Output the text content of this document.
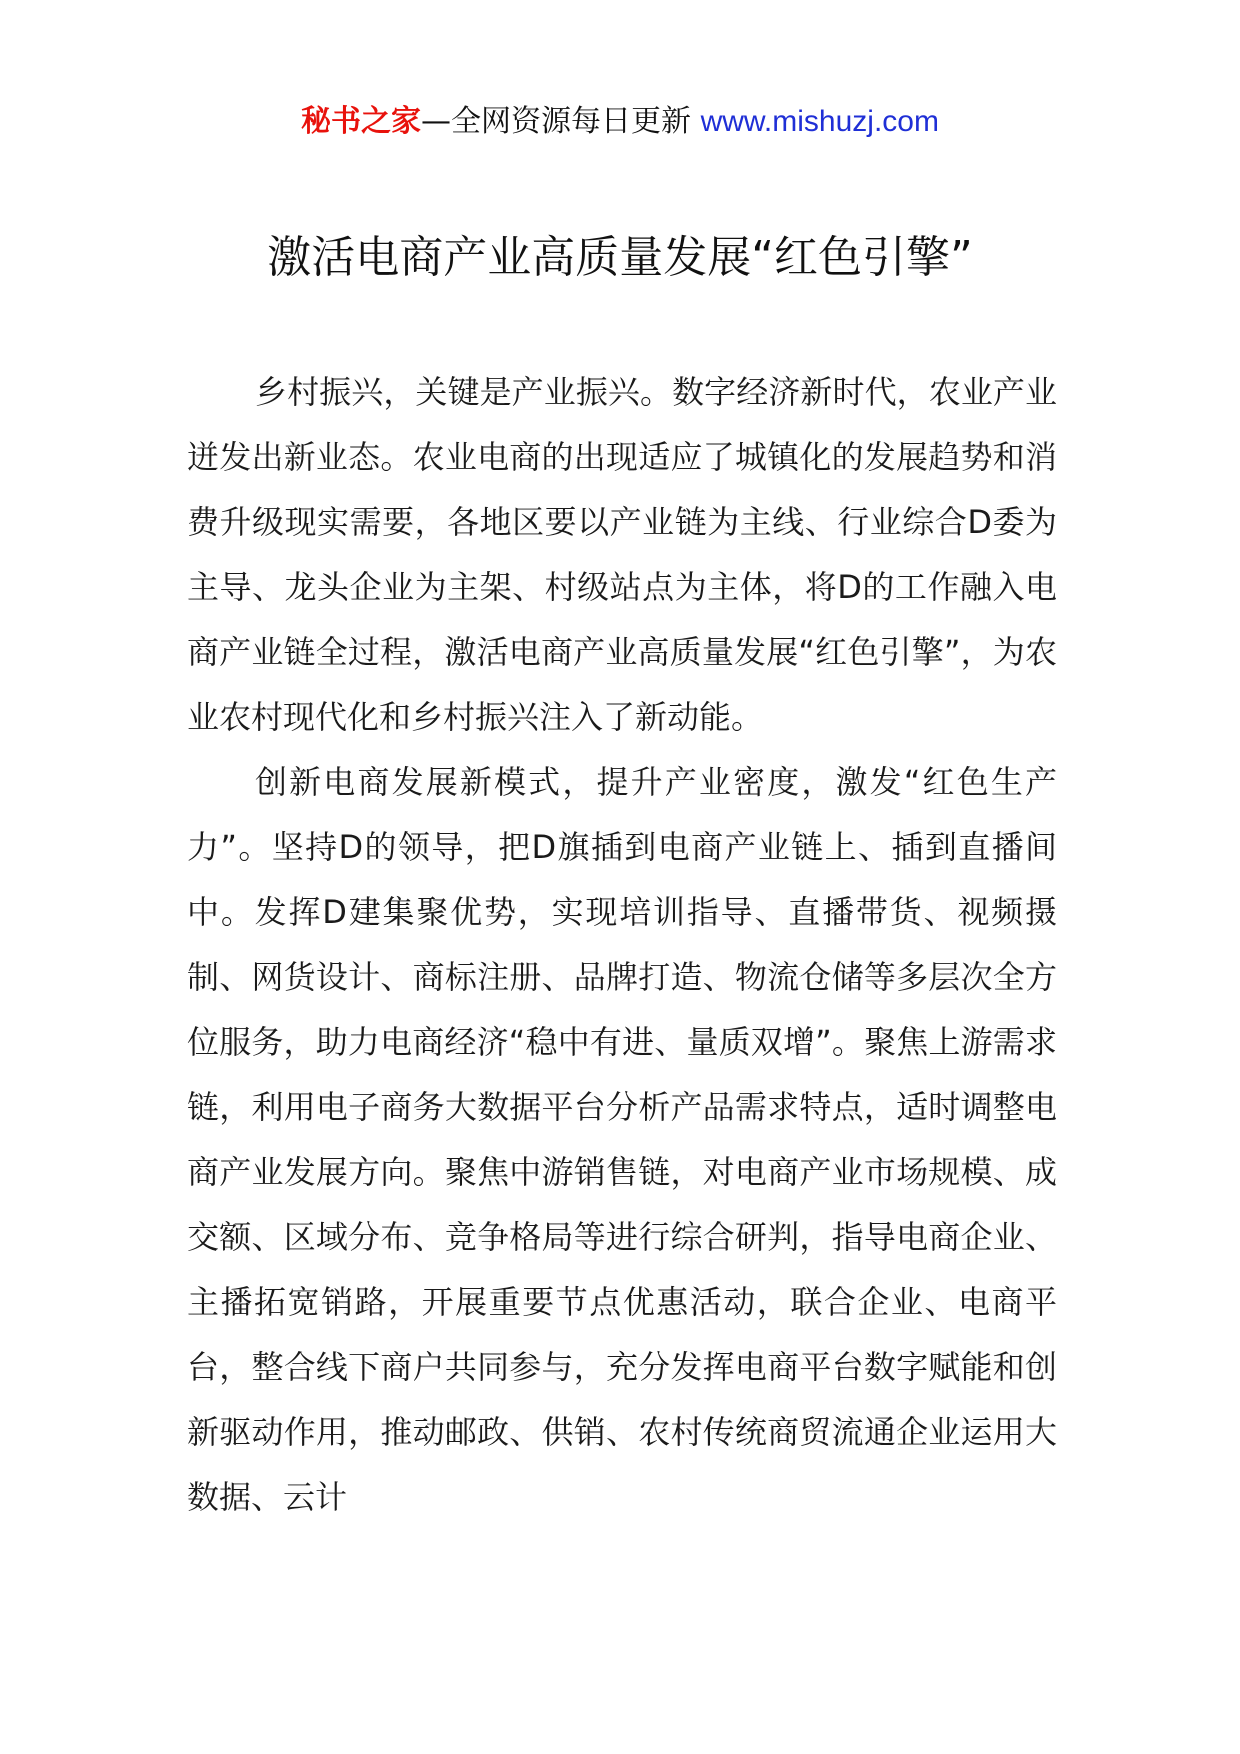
秘书之家—全网资源每日更新 www.mishuzj.com
激活电商产业高质量发展“红色引擎”

乡村振兴，关键是产业振兴。数字经济新时代，农业产业迸发出新业态。农业电商的出现适应了城镇化的发展趋势和消费升级现实需要，各地区要以产业链为主线、行业综合D委为主导、龙头企业为主架、村级站点为主体，将D的工作融入电商产业链全过程，激活电商产业高质量发展“红色引擎”，为农业农村现代化和乡村振兴注入了新动能。

创新电商发展新模式，提升产业密度，激发“红色生产力”。坚持D的领导，把D旗插到电商产业链上、插到直播间中。发挥D建集聚优势，实现培训指导、直播带货、视频摄制、网货设计、商标注册、品牌打造、物流仓储等多层次全方位服务，助力电商经济“稳中有进、量质双增”。聚焦上游需求链，利用电子商务大数据平台分析产品需求特点，适时调整电商产业发展方向。聚焦中游销售链，对电商产业市场规模、成交额、区域分布、竞争格局等进行综合研判，指导电商企业、主播拓宽销路，开展重要节点优惠活动，联合企业、电商平台，整合线下商户共同参与，充分发挥电商平台数字赋能和创新驱动作用，推动邮政、供销、农村传统商贸流通企业运用大数据、云计
